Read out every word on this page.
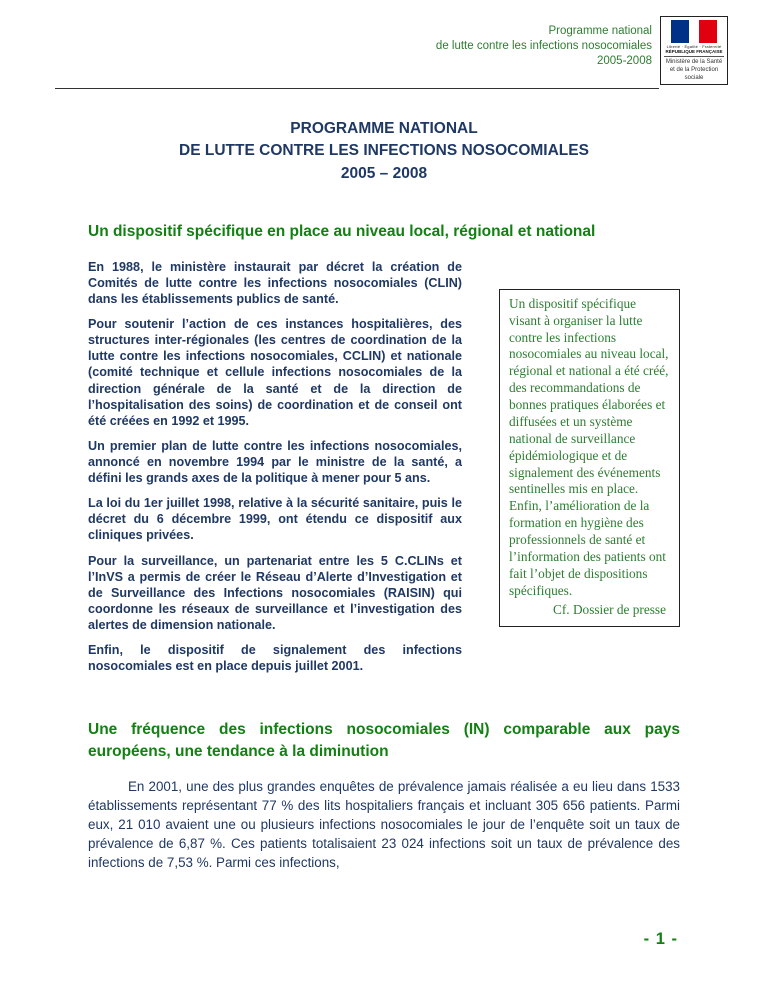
Programme national
de lutte contre les infections nosocomiales
2005-2008
Liberté · Égalité · Fraternité
RÉPUBLIQUE FRANÇAISE
Ministère de la Santé et de la Protection sociale
PROGRAMME NATIONAL
DE LUTTE CONTRE LES INFECTIONS NOSOCOMIALES
2005 – 2008
Un dispositif spécifique en place au niveau local, régional et national

En 1988, le ministère instaurait par décret la création de Comités de lutte contre les infections nosocomiales (CLIN) dans les établissements publics de santé.

Pour soutenir l’action de ces instances hospitalières, des structures inter-régionales (les centres de coordination de la lutte contre les infections nosocomiales, CCLIN) et nationale (comité technique et cellule infections nosocomiales de la direction générale de la santé et de la direction de l’hospitalisation des soins) de coordination et de conseil ont été créées en 1992 et 1995.

Un premier plan de lutte contre les infections nosocomiales, annoncé en novembre 1994 par le ministre de la santé, a défini les grands axes de la politique à mener pour 5 ans.

La loi du 1er juillet 1998, relative à la sécurité sanitaire, puis le décret du 6 décembre 1999, ont étendu ce dispositif aux cliniques privées.

Pour la surveillance, un partenariat entre les 5 C.CLINs et l’InVS a permis de créer le Réseau d’Alerte d’Investigation et de Surveillance des Infections nosocomiales (RAISIN) qui coordonne les réseaux de surveillance et l’investigation des alertes de dimension nationale.

Enfin, le dispositif de signalement des infections nosocomiales est en place depuis juillet 2001.

Un dispositif spécifique visant à organiser la lutte contre les infections nosocomiales au niveau local, régional et national a été créé, des recommandations de bonnes pratiques élaborées et diffusées et un système national de surveillance épidémiologique et de signalement des événements sentinelles mis en place. Enfin, l’amélioration de la formation en hygiène des professionnels de santé et l’information des patients ont fait l’objet de dispositions spécifiques.

Cf. Dossier de presse

Une fréquence des infections nosocomiales (IN) comparable aux pays européens, une tendance à la diminution

En 2001, une des plus grandes enquêtes de prévalence jamais réalisée a eu lieu dans 1533 établissements représentant 77 % des lits hospitaliers français et incluant 305 656 patients. Parmi eux, 21 010 avaient une ou plusieurs infections nosocomiales le jour de l’enquête soit un taux de prévalence de 6,87 %. Ces patients totalisaient 23 024 infections soit un taux de prévalence des infections de 7,53 %. Parmi ces infections,

- 1 -
